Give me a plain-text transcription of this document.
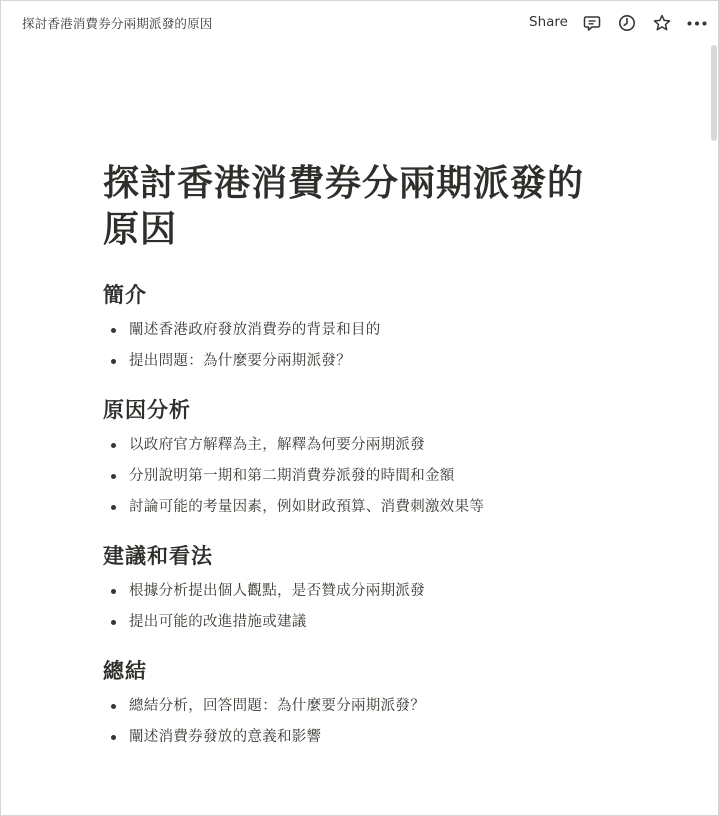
探討香港消費券分兩期派發的原因	Share
探討香港消費券分兩期派發的原因
簡介
闡述香港政府發放消費券的背景和目的
提出問題：為什麼要分兩期派發？
原因分析
以政府官方解釋為主，解釋為何要分兩期派發
分別說明第一期和第二期消費券派發的時間和金額
討論可能的考量因素，例如財政預算、消費刺激效果等
建議和看法
根據分析提出個人觀點，是否贊成分兩期派發
提出可能的改進措施或建議
總結
總結分析，回答問題：為什麼要分兩期派發？
闡述消費券發放的意義和影響
